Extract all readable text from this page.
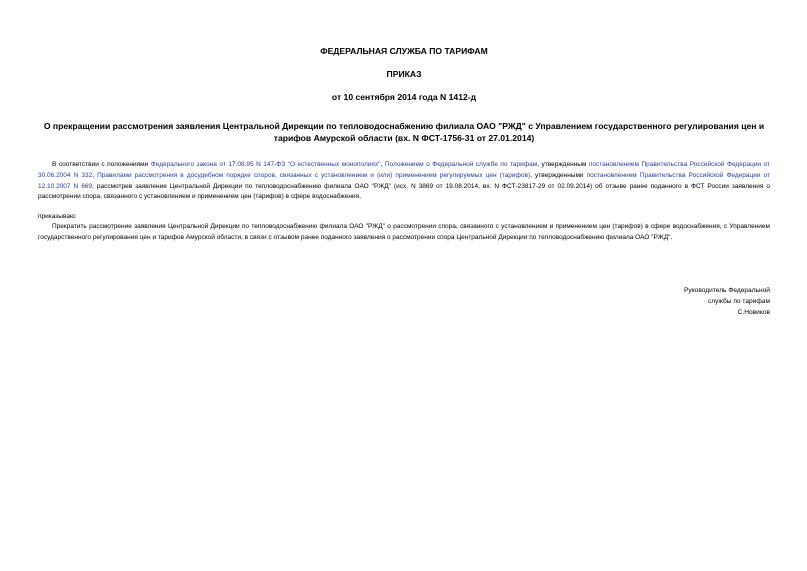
ФЕДЕРАЛЬНАЯ СЛУЖБА ПО ТАРИФАМ
ПРИКАЗ
от 10 сентября 2014 года N 1412-д
О прекращении рассмотрения заявления Центральной Дирекции по тепловодоснабжению филиала ОАО "РЖД" с Управлением государственного регулирования цен и тарифов Амурской области (вх. N ФСТ-1756-31 от 27.01.2014)
В соответствии с положениями Федерального закона от 17.08.95 N 147-ФЗ "О естественных монополиях", Положением о Федеральной службе по тарифам, утвержденным постановлением Правительства Российской Федерации от 30.06.2004 N 332, Правилами рассмотрения в досудебном порядке споров, связанных с установлением и (или) применением регулируемых цен (тарифов), утвержденными постановлением Правительства Российской Федерации от 12.10.2007 N 669, рассмотрев заявление Центральной Дирекции по тепловодоснабжению филиала ОАО "РЖД" (исх. N 3869 от 19.08.2014, вх. N ФСТ-23817-29 от 02.09.2014) об отзыве ранее поданного в ФСТ России заявления о рассмотрении спора, связанного с установлением и применением цен (тарифов) в сфере водоснабжения,
приказываю:
Прекратить рассмотрение заявления Центральной Дирекции по тепловодоснабжению филиала ОАО "РЖД" о рассмотрении спора, связанного с установлением и применением цен (тарифов) в сфере водоснабжения, с Управлением государственного регулирования цен и тарифов Амурской области, в связи с отзывом ранее поданного заявления о рассмотрении спора Центральной Дирекции по тепловодоснабжению филиала ОАО "РЖД".
Руководитель Федеральной
службы по тарифам
С.Новиков
